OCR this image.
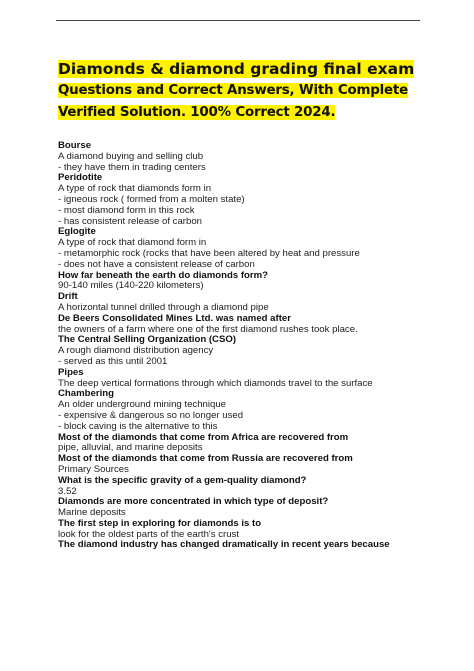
Diamonds & diamond grading final exam
Questions and Correct Answers, With Complete
Verified Solution. 100% Correct 2024.
Bourse
A diamond buying and selling club
- they have them in trading centers
Peridotite
A type of rock that diamonds form in
- igneous rock ( formed from a molten state)
- most diamond form in this rock
- has consistent release of carbon
Eglogite
A type of rock that diamond form in
- metamorphic rock (rocks that have been altered by heat and pressure
- does not have a consistent release of carbon
How far beneath the earth do diamonds form?
90-140 miles (140-220 kilometers)
Drift
A horizontal tunnel drilled through a diamond pipe
De Beers Consolidated Mines Ltd. was named after
the owners of a farm where one of the first diamond rushes took place.
The Central Selling Organization (CSO)
A rough diamond distribution agency
- served as this until 2001
Pipes
The deep vertical formations through which diamonds travel to the surface
Chambering
An older underground mining technique
- expensive & dangerous so no longer used
- block caving is the alternative to this
Most of the diamonds that come from Africa are recovered from
pipe, alluvial, and marine deposits
Most of the diamonds that come from Russia are recovered from
Primary Sources
What is the specific gravity of a gem-quality diamond?
3.52
Diamonds are more concentrated in which type of deposit?
Marine deposits
The first step in exploring for diamonds is to
look for the oldest parts of the earth's crust
The diamond industry has changed dramatically in recent years because
